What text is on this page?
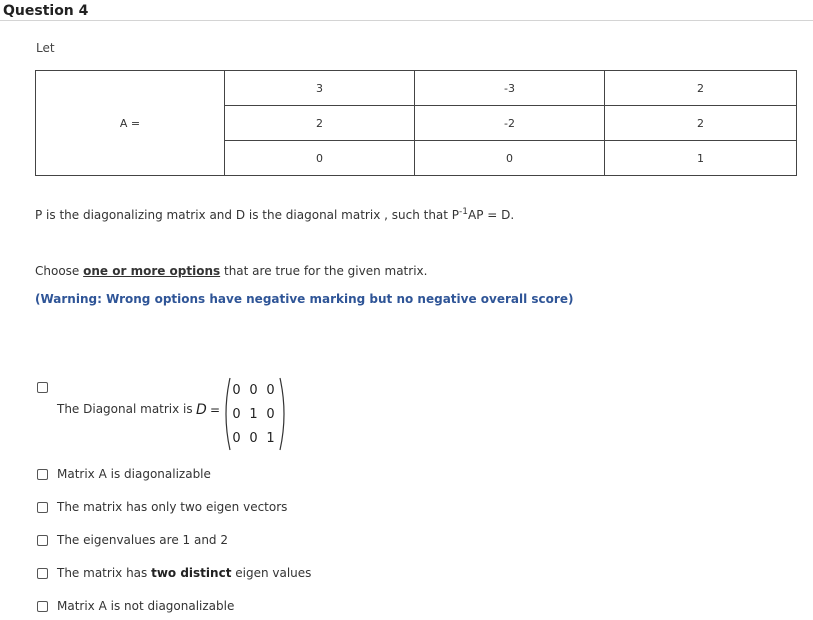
Question 4
Let
A =	3	-3	2
	2	-2	2
	0	0	1
P is the diagonalizing matrix and D is the diagonal matrix , such that $P^{-1}AP = D$.
Choose one or more options that are true for the given matrix.
(Warning: Wrong options have negative marking but no negative overall score)
The Diagonal matrix is D =
0 0 0
0 1 0
0 0 1
Matrix A is diagonalizable
The matrix has only two eigen vectors
The eigenvalues are 1 and 2
The matrix has two distinct eigen values
Matrix A is not diagonalizable
